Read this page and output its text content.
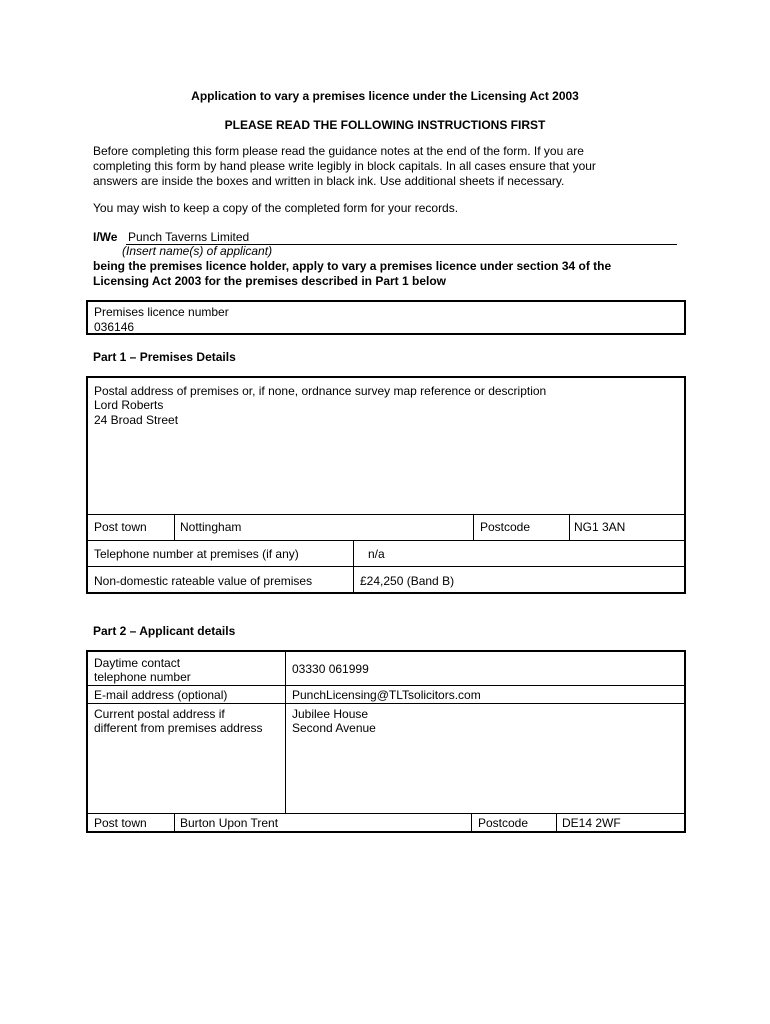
Application to vary a premises licence under the Licensing Act 2003
PLEASE READ THE FOLLOWING INSTRUCTIONS FIRST
Before completing this form please read the guidance notes at the end of the form. If you are
completing this form by hand please write legibly in block capitals. In all cases ensure that your
answers are inside the boxes and written in black ink. Use additional sheets if necessary.
You may wish to keep a copy of the completed form for your records.
I/We Punch Taverns Limited
(Insert name(s) of applicant)
being the premises licence holder, apply to vary a premises licence under section 34 of the
Licensing Act 2003 for the premises described in Part 1 below
Premises licence number
036146
Part 1 – Premises Details
Postal address of premises or, if none, ordnance survey map reference or description
Lord Roberts
24 Broad Street
Post town	Nottingham	Postcode	NG1 3AN
Telephone number at premises (if any)	n/a
Non-domestic rateable value of premises	£24,250 (Band B)
Part 2 – Applicant details
Daytime contact
telephone number
03330 061999
E-mail address (optional)	PunchLicensing@TLTsolicitors.com
Current postal address if
different from premises address
Jubilee House
Second Avenue
Post town	Burton Upon Trent	Postcode	DE14 2WF
